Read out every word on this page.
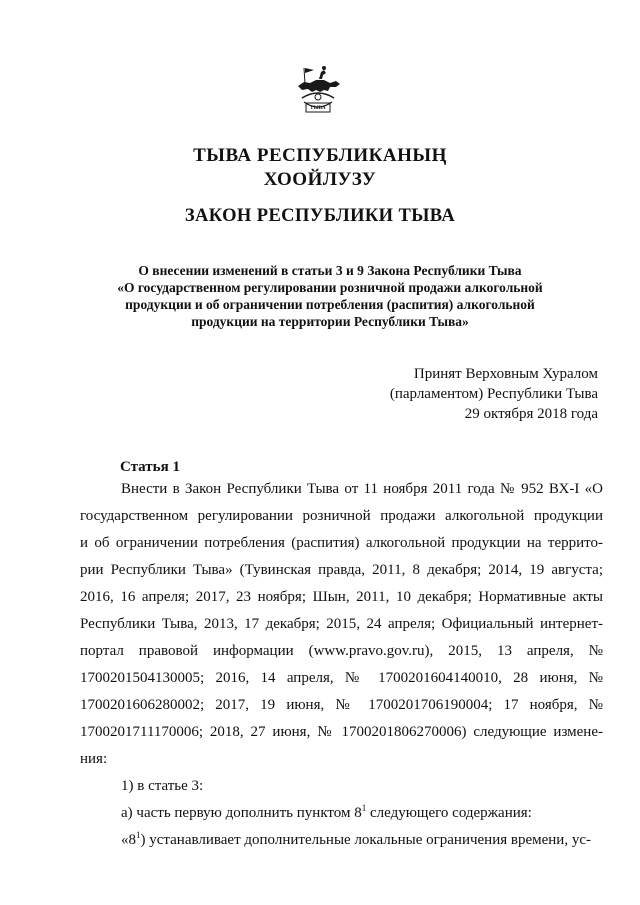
ТЫВА
ТЫВА РЕСПУБЛИКАНЫҢ
ХООЙЛУЗУ
ЗАКОН РЕСПУБЛИКИ ТЫВА
О внесении изменений в статьи 3 и 9 Закона Республики Тыва
«О государственном регулировании розничной продажи алкогольной
продукции и об ограничении потребления (распития) алкогольной
продукции на территории Республики Тыва»
Принят Верховным Хуралом
(парламентом) Республики Тыва
29 октября 2018 года
Статья 1
Внести в Закон Республики Тыва от 11 ноября 2011 года № 952 ВХ-I «О
государственном регулировании розничной продажи алкогольной продукции
и об ограничении потребления (распития) алкогольной продукции на террито-
рии Республики Тыва» (Тувинская правда, 2011, 8 декабря; 2014, 19 августа;
2016, 16 апреля; 2017, 23 ноября; Шын, 2011, 10 декабря; Нормативные акты
Республики Тыва, 2013, 17 декабря; 2015, 24 апреля; Официальный интернет-
портал правовой информации (www.pravo.gov.ru), 2015, 13 апреля, №
1700201504130005; 2016, 14 апреля, № 1700201604140010, 28 июня, №
1700201606280002; 2017, 19 июня, № 1700201706190004; 17 ноября, №
1700201711170006; 2018, 27 июня, № 1700201806270006) следующие измене-
ния:
1) в статье 3:
а) часть первую дополнить пунктом $8^1$ следующего содержания:
«$8^1$) устанавливает дополнительные локальные ограничения времени, ус-
